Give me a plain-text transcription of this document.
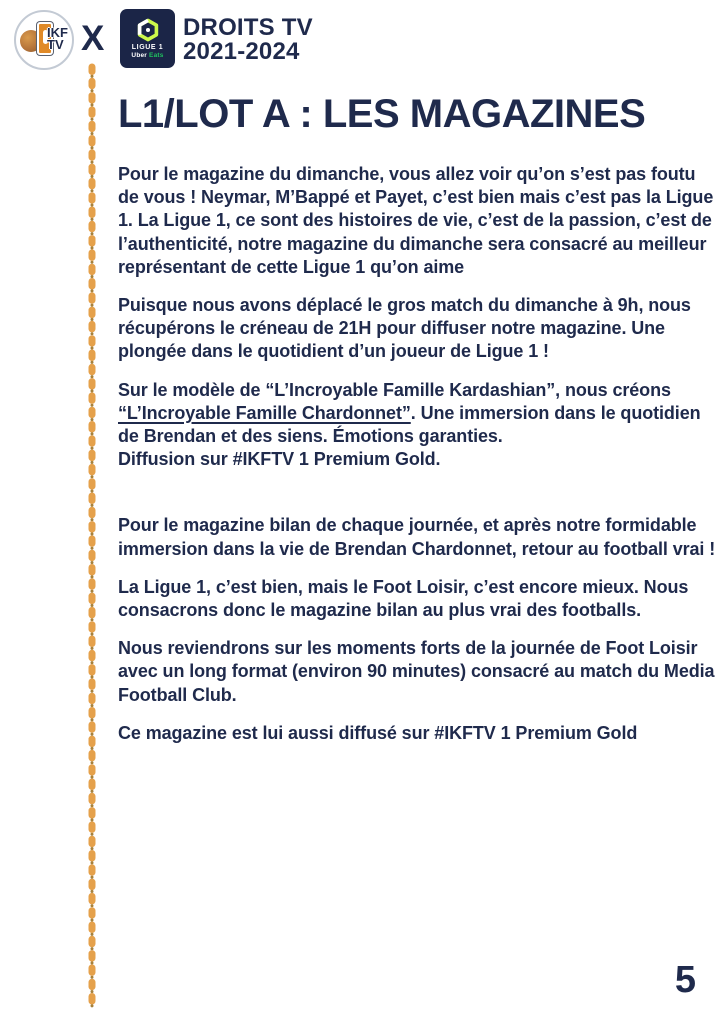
IKF
TV X	LIGUE 1
Uber Eats
DROITS TV
2021-2024
L1/LOT A : LES MAGAZINES
Pour le magazine du dimanche, vous allez voir qu’on s’est pas foutu de vous ! Neymar, M’Bappé et Payet, c’est bien mais c’est pas la Ligue 1. La Ligue 1, ce sont des histoires de vie, c’est de la passion, c’est de l’authenticité, notre magazine du dimanche sera consacré au meilleur représentant de cette Ligue 1 qu’on aime
Puisque nous avons déplacé le gros match du dimanche à 9h, nous récupérons le créneau de 21H pour diffuser notre magazine. Une plongée dans le quotidient d’un joueur de Ligue 1 !
Sur le modèle de “L’Incroyable Famille Kardashian”, nous créons “L’Incroyable Famille Chardonnet”. Une immersion dans le quotidien de Brendan et des siens. Émotions garanties.
Diffusion sur #IKFTV 1 Premium Gold.
Pour le magazine bilan de chaque journée, et après notre formidable immersion dans la vie de Brendan Chardonnet, retour au football vrai !
La Ligue 1, c’est bien, mais le Foot Loisir, c’est encore mieux. Nous consacrons donc le magazine bilan au plus vrai des footballs.
Nous reviendrons sur les moments forts de la journée de Foot Loisir avec un long format (environ 90 minutes) consacré au match du Media Football Club.
Ce magazine est lui aussi diffusé sur #IKFTV 1 Premium Gold
5
